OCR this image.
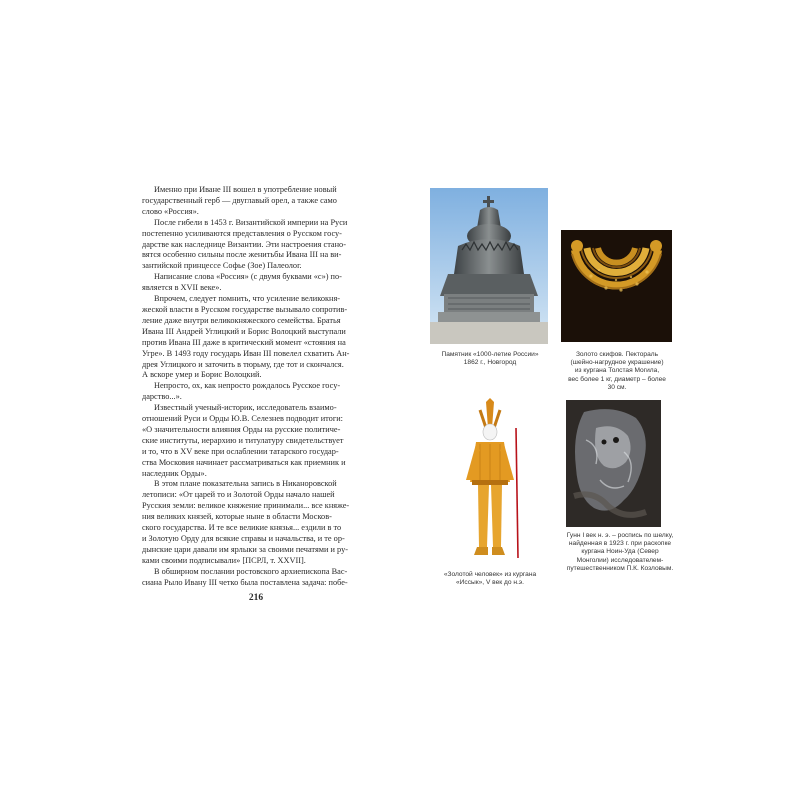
Именно при Иване III вошел в употребление новый
государственный герб — двуглавый орел, а также само
слово «Россия».

После гибели в 1453 г. Византийской империи на Руси
постепенно усиливаются представления о Русском госу-
дарстве как наследнице Византии. Эти настроения стано-
вятся особенно сильны после женитьбы Ивана III на ви-
зантийской принцессе Софье (Зое) Палеолог.

Написание слова «Россия» (с двумя буквами «с») по-
является в XVII веке».

Впрочем, следует помнить, что усиление великокня-
жеской власти в Русском государстве вызывало сопротив-
ление даже внутри великокняжеского семейства. Братья
Ивана III Андрей Углицкий и Борис Волоцкий выступали
против Ивана III даже в критический момент «стояния на
Угре». В 1493 году государь Иван III повелел схватить Ан-
дрея Углицкого и заточить в тюрьму, где тот и скончался.
А вскоре умер и Борис Волоцкий.

Непросто, ох, как непросто рождалось Русское госу-
дарство...».

Известный ученый-историк, исследователь взаимо-
отношений Руси и Орды Ю.В. Селезнев подводит итоги:
«О значительности влияния Орды на русские политиче-
ские институты, иерархию и титулатуру свидетельствует
и то, что в XV веке при ослаблении татарского государ-
ства Московия начинает рассматриваться как приемник и
наследник Орды».

В этом плане показательна запись в Никаноровской
летописи: «От царей то и Золотой Орды начало нашей
Русския земли: великое княжение принимали... все княже-
ния великих князей, которые ныне в области Москов-
ского государства. И те все великие князья... ездили в то
и Золотую Орду для всякие справы и начальства, и те ор-
дынские цари давали им ярлыки за своими печатями и ру-
ками своими подписывали» [ПСРЛ, т. XXVII].

В обширном послании ростовского архиепископа Вас-
сиана Рыло Ивану III четко была поставлена задача: побе-

216
Памятник «1000-летие России»
1862 г., Новгород
Золото скифов. Пектораль
(шейно-нагрудное украшение)
из кургана Толстая Могила,
вес более 1 кг, диаметр – более
30 см.
«Золотой человек» из кургана
«Иссык», V век до н.э.
Гунн I век н. э. – роспись по шелку,
найденная в 1923 г. при раскопке
кургана Ноин-Уда (Север
Монголии) исследователем-
путешественником П.К. Козловым.
